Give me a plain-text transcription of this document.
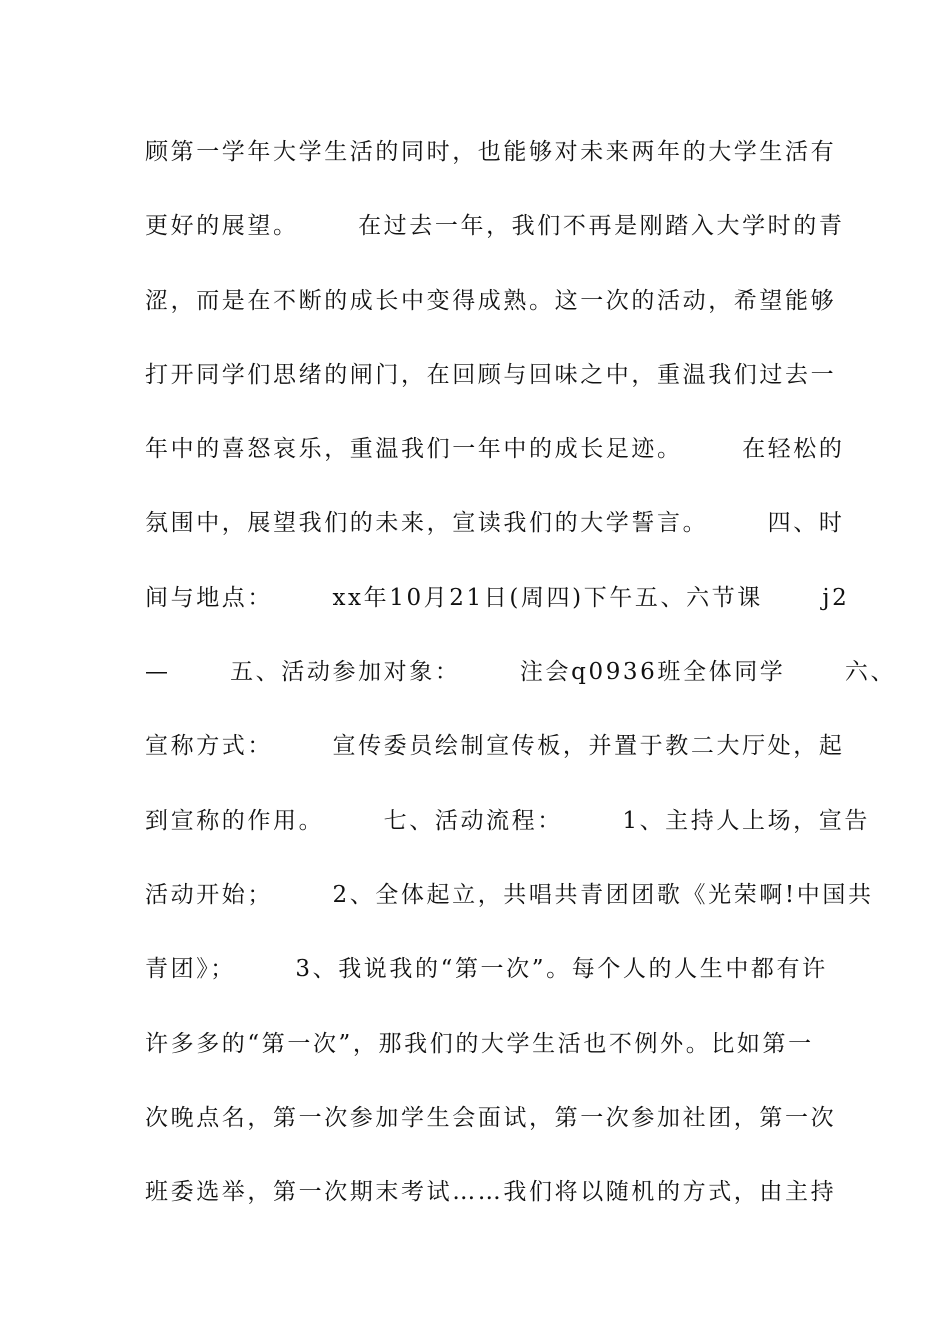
顾第一学年大学生活的同时，也能够对未来两年的大学生活有
更好的展望。      在过去一年，我们不再是刚踏入大学时的青
涩，而是在不断的成长中变得成熟。这一次的活动，希望能够
打开同学们思绪的闸门，在回顾与回味之中，重温我们过去一
年中的喜怒哀乐，重温我们一年中的成长足迹。      在轻松的
氛围中，展望我们的未来，宣读我们的大学誓言。      四、时
间与地点：      xx年10月21日(周四)下午五、六节课      j2
—      五、活动参加对象：      注会q0936班全体同学      六、
宣称方式：      宣传委员绘制宣传板，并置于教二大厅处，起
到宣称的作用。      七、活动流程：      1、主持人上场，宣告
活动开始；      2、全体起立，共唱共青团团歌《光荣啊!中国共
青团》；      3、我说我的“第一次”。每个人的人生中都有许
许多多的“第一次”，那我们的大学生活也不例外。比如第一
次晚点名，第一次参加学生会面试，第一次参加社团，第一次
班委选举，第一次期末考试……我们将以随机的方式，由主持
